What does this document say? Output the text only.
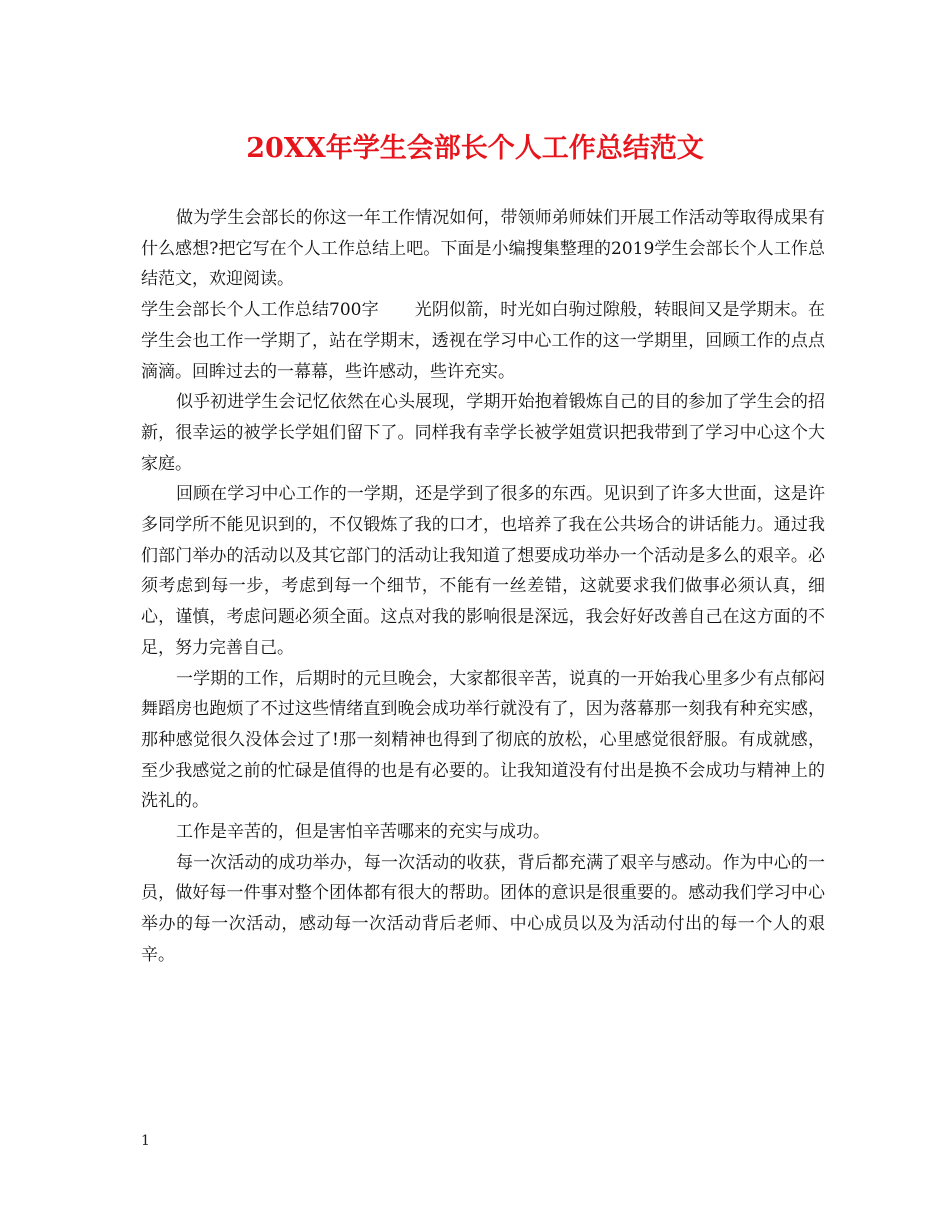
20XX年学生会部长个人工作总结范文

做为学生会部长的你这一年工作情况如何，带领师弟师妹们开展工作活动等取得成果有什么感想?把它写在个人工作总结上吧。下面是小编搜集整理的2019学生会部长个人工作总结范文，欢迎阅读。

学生会部长个人工作总结700字 光阴似箭，时光如白驹过隙般，转眼间又是学期末。在学生会也工作一学期了，站在学期末，透视在学习中心工作的这一学期里，回顾工作的点点滴滴。回眸过去的一幕幕，些许感动，些许充实。

似乎初进学生会记忆依然在心头展现，学期开始抱着锻炼自己的目的参加了学生会的招新，很幸运的被学长学姐们留下了。同样我有幸学长被学姐赏识把我带到了学习中心这个大家庭。

回顾在学习中心工作的一学期，还是学到了很多的东西。见识到了许多大世面，这是许多同学所不能见识到的，不仅锻炼了我的口才，也培养了我在公共场合的讲话能力。通过我们部门举办的活动以及其它部门的活动让我知道了想要成功举办一个活动是多么的艰辛。必须考虑到每一步，考虑到每一个细节，不能有一丝差错，这就要求我们做事必须认真，细心，谨慎，考虑问题必须全面。这点对我的影响很是深远，我会好好改善自己在这方面的不足，努力完善自己。

一学期的工作，后期时的元旦晚会，大家都很辛苦，说真的一开始我心里多少有点郁闷舞蹈房也跑烦了不过这些情绪直到晚会成功举行就没有了，因为落幕那一刻我有种充实感，那种感觉很久没体会过了!那一刻精神也得到了彻底的放松，心里感觉很舒服。有成就感，至少我感觉之前的忙碌是值得的也是有必要的。让我知道没有付出是换不会成功与精神上的洗礼的。

工作是辛苦的，但是害怕辛苦哪来的充实与成功。

每一次活动的成功举办，每一次活动的收获，背后都充满了艰辛与感动。作为中心的一员，做好每一件事对整个团体都有很大的帮助。团体的意识是很重要的。感动我们学习中心举办的每一次活动，感动每一次活动背后老师、中心成员以及为活动付出的每一个人的艰辛。

1
